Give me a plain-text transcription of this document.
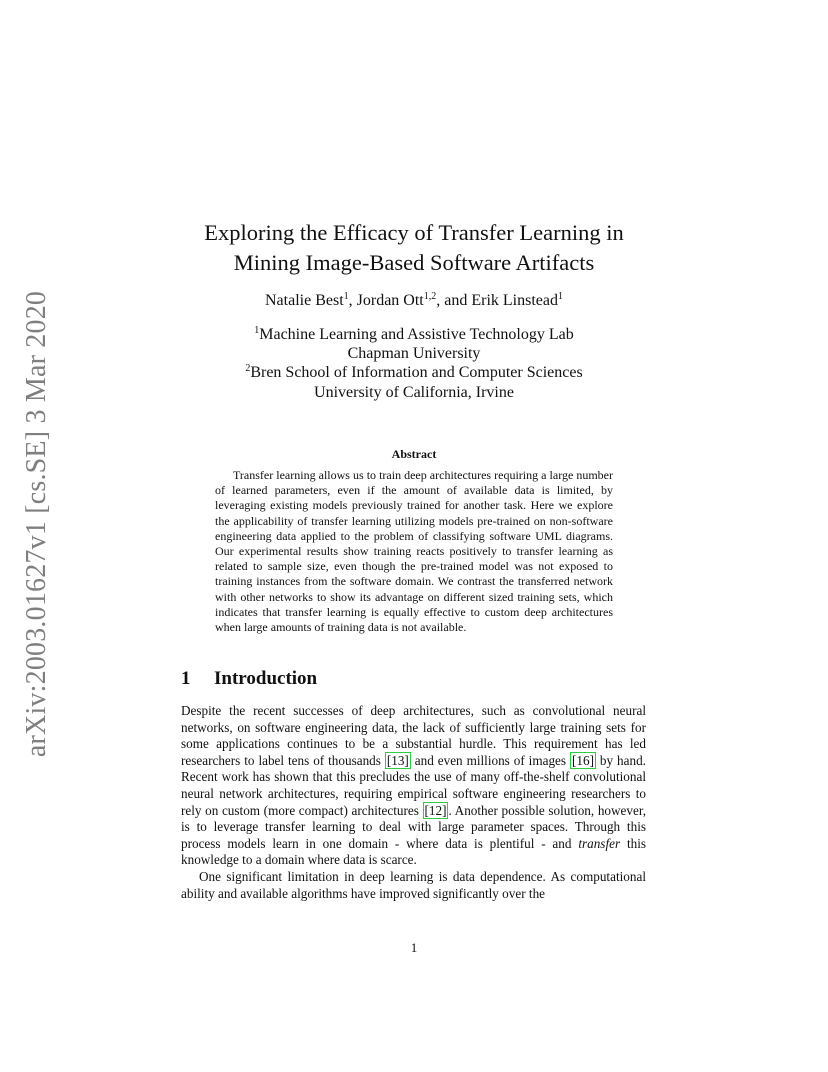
arXiv:2003.01627v1 [cs.SE] 3 Mar 2020
Exploring the Efficacy of Transfer Learning in
Mining Image-Based Software Artifacts
Natalie Best$^1$, Jordan Ott$^{1,2}$, and Erik Linstead$^1$
$^1$Machine Learning and Assistive Technology Lab
Chapman University
$^2$Bren School of Information and Computer Sciences
University of California, Irvine
Abstract

Transfer learning allows us to train deep architectures requiring a large number of learned parameters, even if the amount of available data is limited, by leveraging existing models previously trained for another task. Here we explore the applicability of transfer learning utilizing models pre-trained on non-software engineering data applied to the problem of classifying software UML diagrams. Our experimental results show training reacts positively to transfer learning as related to sample size, even though the pre-trained model was not exposed to training instances from the software domain. We contrast the transferred network with other networks to show its advantage on different sized training sets, which indicates that transfer learning is equally effective to custom deep architectures when large amounts of training data is not available.

1 Introduction

Despite the recent successes of deep architectures, such as convolutional neural networks, on software engineering data, the lack of sufficiently large training sets for some applications continues to be a substantial hurdle. This requirement has led researchers to label tens of thousands [13] and even millions of images [16] by hand. Recent work has shown that this precludes the use of many off-the-shelf convolutional neural network architectures, requiring empirical software engineering researchers to rely on custom (more compact) architectures [12] . Another possible solution, however, is to leverage transfer learning to deal with large parameter spaces. Through this process models learn in one domain - where data is plentiful - and transfer this knowledge to a domain where data is scarce.

One significant limitation in deep learning is data dependence. As computational ability and available algorithms have improved significantly over the

1
